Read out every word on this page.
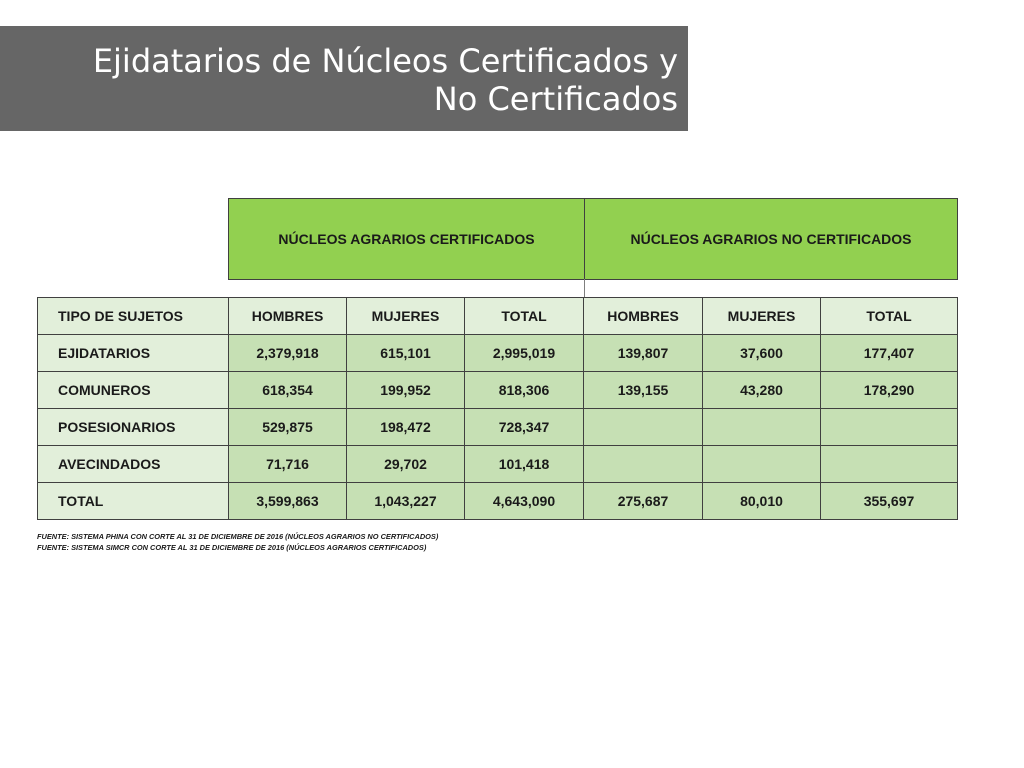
Ejidatarios de Núcleos Certificados y
No Certificados
NÚCLEOS AGRARIOS CERTIFICADOS	NÚCLEOS AGRARIOS NO CERTIFICADOS
TIPO DE SUJETOS	HOMBRES	MUJERES	TOTAL	HOMBRES	MUJERES	TOTAL
EJIDATARIOS	2,379,918	615,101	2,995,019	139,807	37,600	177,407
COMUNEROS	618,354	199,952	818,306	139,155	43,280	178,290
POSESIONARIOS	529,875	198,472	728,347			
AVECINDADOS	71,716	29,702	101,418			
TOTAL	3,599,863	1,043,227	4,643,090	275,687	80,010	355,697
FUENTE: SISTEMA PHINA CON CORTE AL 31 DE DICIEMBRE DE 2016 (NÚCLEOS AGRARIOS NO CERTIFICADOS)
FUENTE: SISTEMA SIMCR CON CORTE AL 31 DE DICIEMBRE DE 2016 (NÚCLEOS AGRARIOS CERTIFICADOS)
